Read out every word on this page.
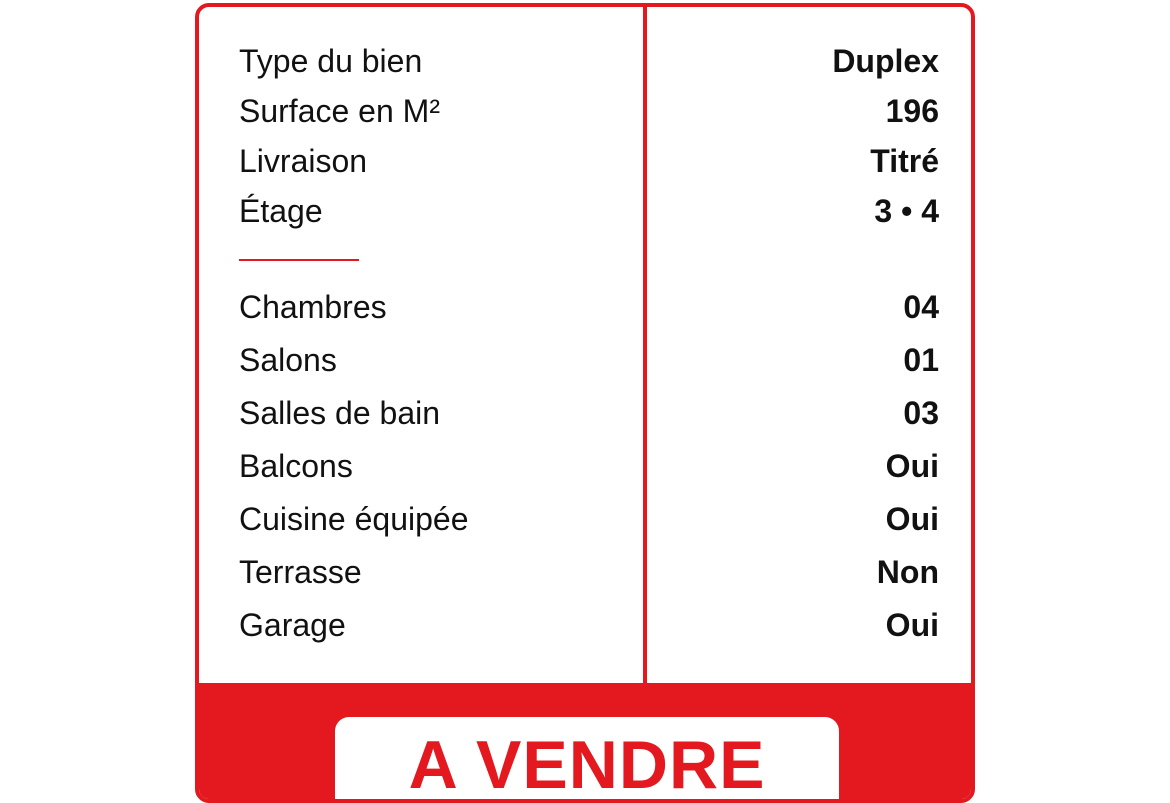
Type du bien	Duplex
Surface en M²	196
Livraison	Titré
Étage	3 • 4
Chambres	04
Salons	01
Salles de bain	03
Balcons	Oui
Cuisine équipée	Oui
Terrasse	Non
Garage	Oui
A VENDRE
